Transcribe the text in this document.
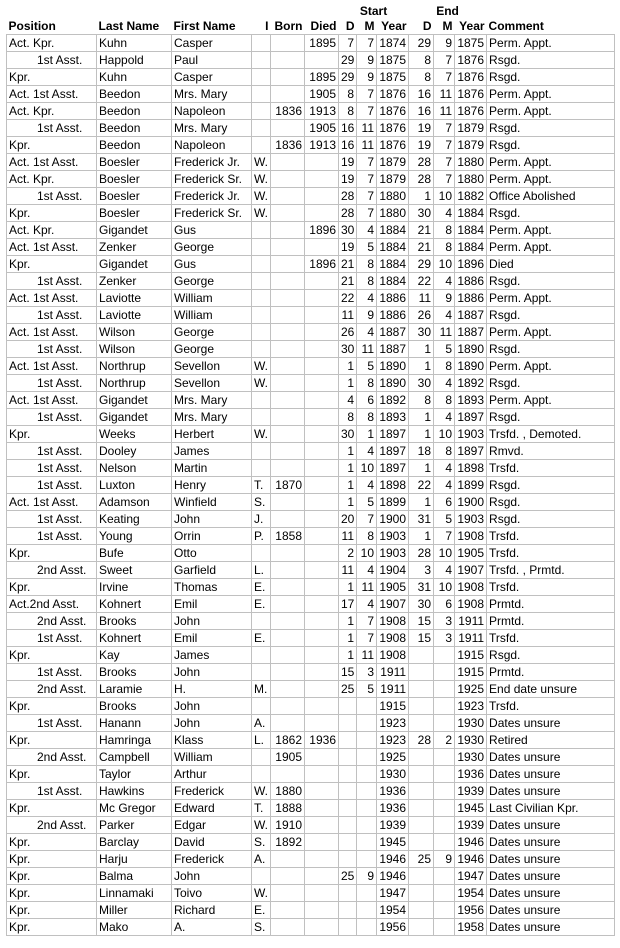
						Start			End			
Position	Last Name	First Name	I	Born	Died	D	M	Year	D	M	Year	Comment
Act. Kpr.	Kuhn	Casper			1895	7	7	1874	29	9	1875	Perm. Appt.
1st Asst.	Happold	Paul				29	9	1875	8	7	1876	Rsgd.
Kpr.	Kuhn	Casper			1895	29	9	1875	8	7	1876	Rsgd.
Act. 1st Asst.	Beedon	Mrs. Mary			1905	8	7	1876	16	11	1876	Perm. Appt.
Act. Kpr.	Beedon	Napoleon		1836	1913	8	7	1876	16	11	1876	Perm. Appt.
1st Asst.	Beedon	Mrs. Mary			1905	16	11	1876	19	7	1879	Rsgd.
Kpr.	Beedon	Napoleon		1836	1913	16	11	1876	19	7	1879	Rsgd.
Act. 1st Asst.	Boesler	Frederick Jr.	W.			19	7	1879	28	7	1880	Perm. Appt.
Act. Kpr.	Boesler	Frederick Sr.	W.			19	7	1879	28	7	1880	Perm. Appt.
1st Asst.	Boesler	Frederick Jr.	W.			28	7	1880	1	10	1882	Office Abolished
Kpr.	Boesler	Frederick Sr.	W.			28	7	1880	30	4	1884	Rsgd.
Act. Kpr.	Gigandet	Gus			1896	30	4	1884	21	8	1884	Perm. Appt.
Act. 1st Asst.	Zenker	George				19	5	1884	21	8	1884	Perm. Appt.
Kpr.	Gigandet	Gus			1896	21	8	1884	29	10	1896	Died
1st Asst.	Zenker	George				21	8	1884	22	4	1886	Rsgd.
Act. 1st Asst.	Laviotte	William				22	4	1886	11	9	1886	Perm. Appt.
1st Asst.	Laviotte	William				11	9	1886	26	4	1887	Rsgd.
Act. 1st Asst.	Wilson	George				26	4	1887	30	11	1887	Perm. Appt.
1st Asst.	Wilson	George				30	11	1887	1	5	1890	Rsgd.
Act. 1st Asst.	Northrup	Sevellon	W.			1	5	1890	1	8	1890	Perm. Appt.
1st Asst.	Northrup	Sevellon	W.			1	8	1890	30	4	1892	Rsgd.
Act. 1st Asst.	Gigandet	Mrs. Mary				4	6	1892	8	8	1893	Perm. Appt.
1st Asst.	Gigandet	Mrs. Mary				8	8	1893	1	4	1897	Rsgd.
Kpr.	Weeks	Herbert	W.			30	1	1897	1	10	1903	Trsfd. , Demoted.
1st Asst.	Dooley	James				1	4	1897	18	8	1897	Rmvd.
1st Asst.	Nelson	Martin				1	10	1897	1	4	1898	Trsfd.
1st Asst.	Luxton	Henry	T.	1870		1	4	1898	22	4	1899	Rsgd.
Act. 1st Asst.	Adamson	Winfield	S.			1	5	1899	1	6	1900	Rsgd.
1st Asst.	Keating	John	J.			20	7	1900	31	5	1903	Rsgd.
1st Asst.	Young	Orrin	P.	1858		11	8	1903	1	7	1908	Trsfd.
Kpr.	Bufe	Otto				2	10	1903	28	10	1905	Trsfd.
2nd Asst.	Sweet	Garfield	L.			11	4	1904	3	4	1907	Trsfd. , Prmtd.
Kpr.	Irvine	Thomas	E.			1	11	1905	31	10	1908	Trsfd.
Act.2nd Asst.	Kohnert	Emil	E.			17	4	1907	30	6	1908	Prmtd.
2nd Asst.	Brooks	John				1	7	1908	15	3	1911	Prmtd.
1st Asst.	Kohnert	Emil	E.			1	7	1908	15	3	1911	Trsfd.
Kpr.	Kay	James				1	11	1908			1915	Rsgd.
1st Asst.	Brooks	John				15	3	1911			1915	Prmtd.
2nd Asst.	Laramie	H.	M.			25	5	1911			1925	End date unsure
Kpr.	Brooks	John						1915			1923	Trsfd.
1st Asst.	Hanann	John	A.					1923			1930	Dates unsure
Kpr.	Hamringa	Klass	L.	1862	1936			1923	28	2	1930	Retired
2nd Asst.	Campbell	William		1905				1925			1930	Dates unsure
Kpr.	Taylor	Arthur						1930			1936	Dates unsure
1st Asst.	Hawkins	Frederick	W.	1880				1936			1939	Dates unsure
Kpr.	Mc Gregor	Edward	T.	1888				1936			1945	Last Civilian Kpr.
2nd Asst.	Parker	Edgar	W.	1910				1939			1939	Dates unsure
Kpr.	Barclay	David	S.	1892				1945			1946	Dates unsure
Kpr.	Harju	Frederick	A.					1946	25	9	1946	Dates unsure
Kpr.	Balma	John				25	9	1946			1947	Dates unsure
Kpr.	Linnamaki	Toivo	W.					1947			1954	Dates unsure
Kpr.	Miller	Richard	E.					1954			1956	Dates unsure
Kpr.	Mako	A.	S.					1956			1958	Dates unsure
